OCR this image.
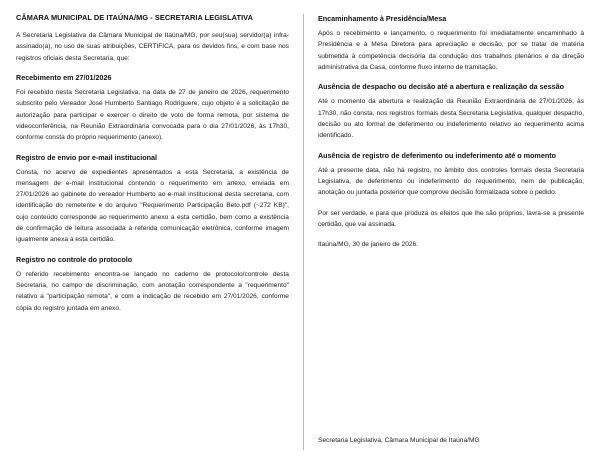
CÂMARA MUNICIPAL DE ITAÚNA/MG - SECRETARIA LEGISLATIVA

A Secretaria Legislativa da Câmara Municipal de Itaúna/MG, por seu(sua) servidor(a) infra-assinado(a), no uso de suas atribuições, CERTIFICA, para os devidos fins, e com base nos registros oficiais desta Secretaria, que:

Recebimento em 27/01/2026

Foi recebido nesta Secretaria Legislativa, na data de 27 de janeiro de 2026, requerimento subscrito pelo Vereador José Humberto Santiago Rodriguere, cujo objeto é a solicitação de autorização para participar e exercer o direito de voto de forma remota, por sistema de videoconferência, na Reunião Extraordinária convocada para o dia 27/01/2026, às 17h30, conforme consta do próprio requerimento (anexo).

Registro de envio por e-mail institucional

Consta, no acervo de expedientes apresentados a esta Secretaria, a existência de mensagem de e-mail institucional contendo o requerimento em anexo, enviada em 27/01/2026 ao gabinete do vereador Humberto ao e-mail institucional desta secretaria, com identificação do remetente e do arquivo "Requerimento Participação Beto.pdf (~272 KB)", cujo conteúdo corresponde ao requerimento anexo a esta certidão, bem como a existência de confirmação de leitura associada à referida comunicação eletrônica, conforme imagem igualmente anexa a esta certidão.

Registro no controle do protocolo

O referido recebimento encontra-se lançado no caderno de protocolo/controle desta Secretaria, no campo de discriminação, com anotação correspondente a "requerimento" relativo a "participação remota", e com a indicação de recebido em 27/01/2026, conforme cópia do registro juntada em anexo.

Encaminhamento à Presidência/Mesa

Após o recebimento e lançamento, o requerimento foi imediatamente encaminhado à Presidência e à Mesa Diretora para apreciação e decisão, por se tratar de matéria submetida à competência decisória da condução dos trabalhos plenários e da direção administrativa da Casa, conforme fluxo interno de tramitação.

Ausência de despacho ou decisão até a abertura e realização da sessão

Até o momento da abertura e realização da Reunião Extraordinária de 27/01/2026, às 17h30, não consta, nos registros formais desta Secretaria Legislativa, qualquer despacho, decisão ou ato formal de deferimento ou indeferimento relativo ao requerimento acima identificado.

Ausência de registro de deferimento ou indeferimento até o momento

Até a presente data, não há registro, no âmbito dos controles formais desta Secretaria Legislativa, de deferimento ou indeferimento do requerimento, nem de publicação, anotação ou juntada posterior que comprove decisão formalizada sobre o pedido.

Por ser verdade, e para que produza os efeitos que lhe são próprios, lavra-se a presente certidão, que vai assinada.

Itaúna/MG, 30 de janeiro de 2026.

Secretaria Legislativa, Câmara Municipal de Itaúna/MG
